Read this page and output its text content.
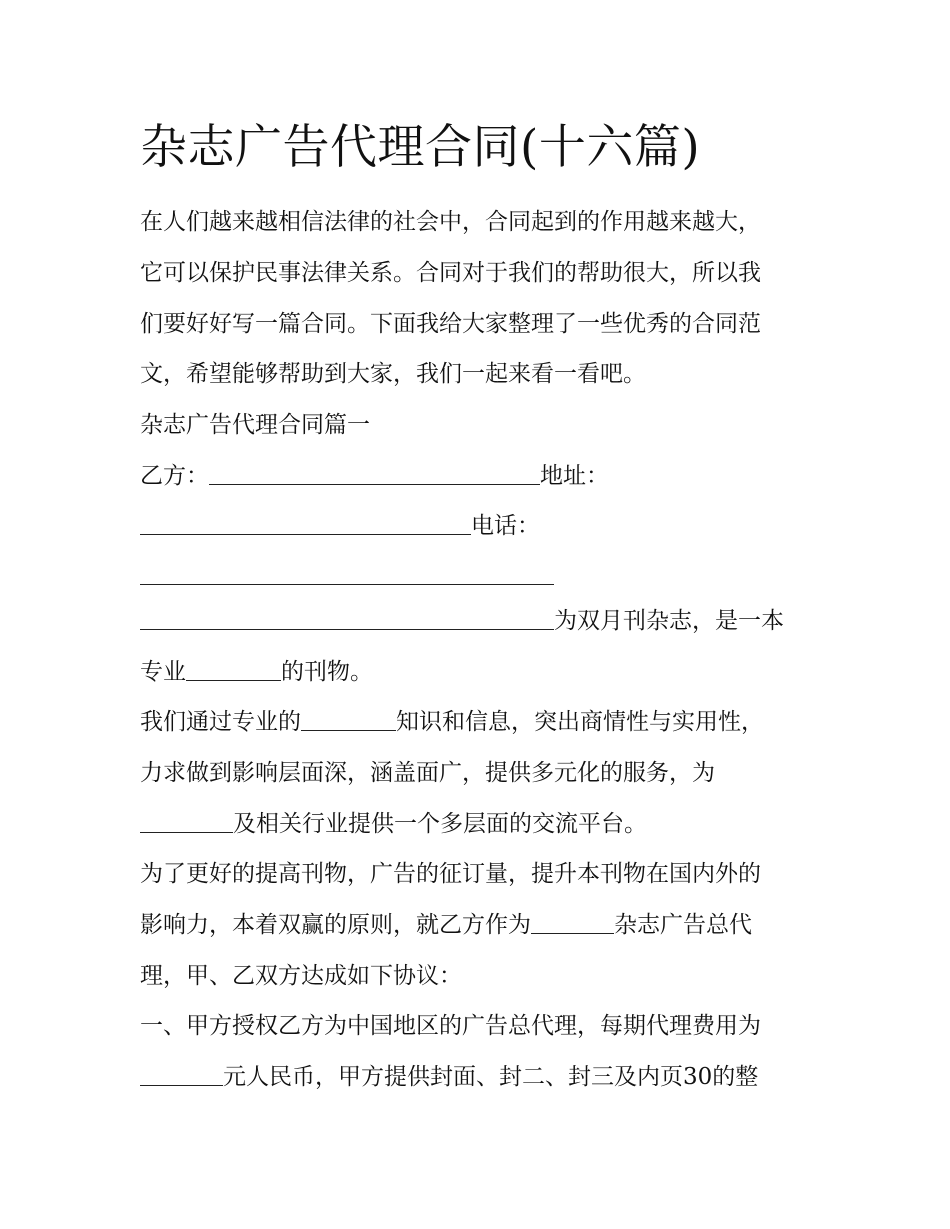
杂志广告代理合同(十六篇)
在人们越来越相信法律的社会中，合同起到的作用越来越大，
它可以保护民事法律关系。合同对于我们的帮助很大，所以我
们要好好写一篇合同。下面我给大家整理了一些优秀的合同范
文，希望能够帮助到大家，我们一起来看一看吧。
杂志广告代理合同篇一
乙方：	地址：
电话：
为双月刊杂志，是一本
专业	的刊物。
我们通过专业的	知识和信息，突出商情性与实用性，
力求做到影响层面深，涵盖面广，提供多元化的服务，为
及相关行业提供一个多层面的交流平台。
为了更好的提高刊物，广告的征订量，提升本刊物在国内外的
影响力，本着双赢的原则，就乙方作为	杂志广告总代
理，甲、乙双方达成如下协议：
一、甲方授权乙方为中国地区的广告总代理，每期代理费用为
元人民币，甲方提供封面、封二、封三及内页30的整
